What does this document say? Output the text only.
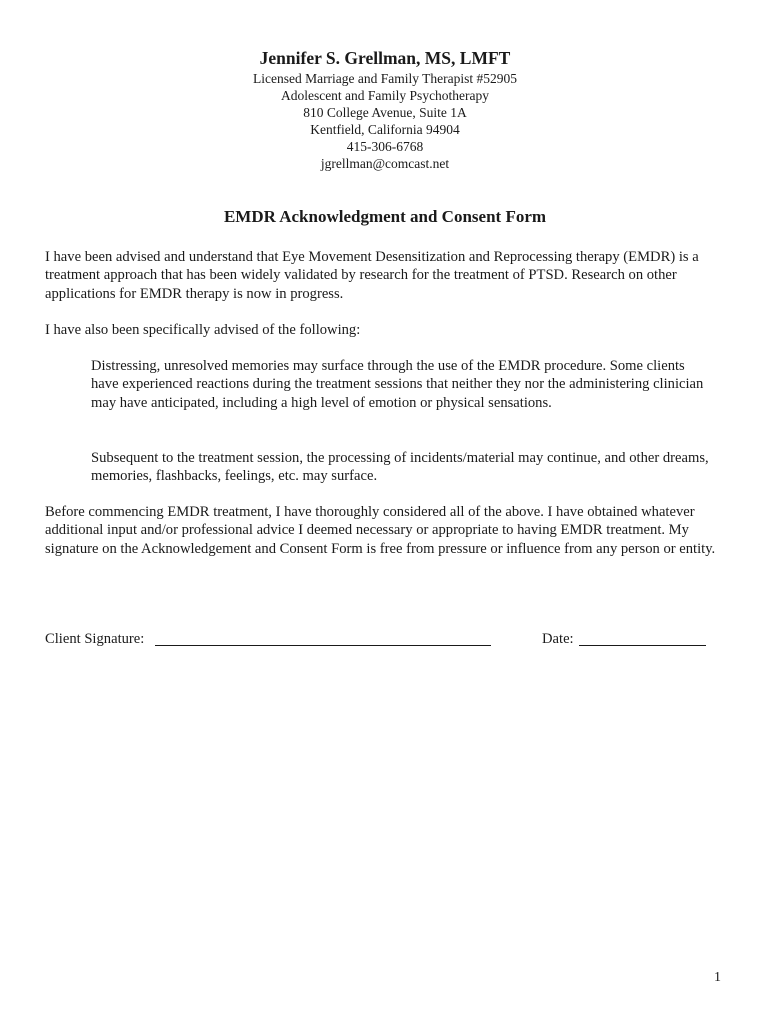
Jennifer S. Grellman, MS, LMFT

Licensed Marriage and Family Therapist #52905

Adolescent and Family Psychotherapy

810 College Avenue, Suite 1A

Kentfield, California 94904

415-306-6768

jgrellman@comcast.net

EMDR Acknowledgment and Consent Form

I have been advised and understand that Eye Movement Desensitization and Reprocessing therapy (EMDR) is a treatment approach that has been widely validated by research for the treatment of PTSD. Research on other applications for EMDR therapy is now in progress.

I have also been specifically advised of the following:

Distressing, unresolved memories may surface through the use of the EMDR procedure. Some clients have experienced reactions during the treatment sessions that neither they nor the administering clinician may have anticipated, including a high level of emotion or physical sensations.

Subsequent to the treatment session, the processing of incidents/material may continue, and other dreams, memories, flashbacks, feelings, etc. may surface.

Before commencing EMDR treatment, I have thoroughly considered all of the above. I have obtained whatever additional input and/or professional advice I deemed necessary or appropriate to having EMDR treatment. My signature on the Acknowledgement and Consent Form is free from pressure or influence from any person or entity.

Client Signature:	Date:
1
